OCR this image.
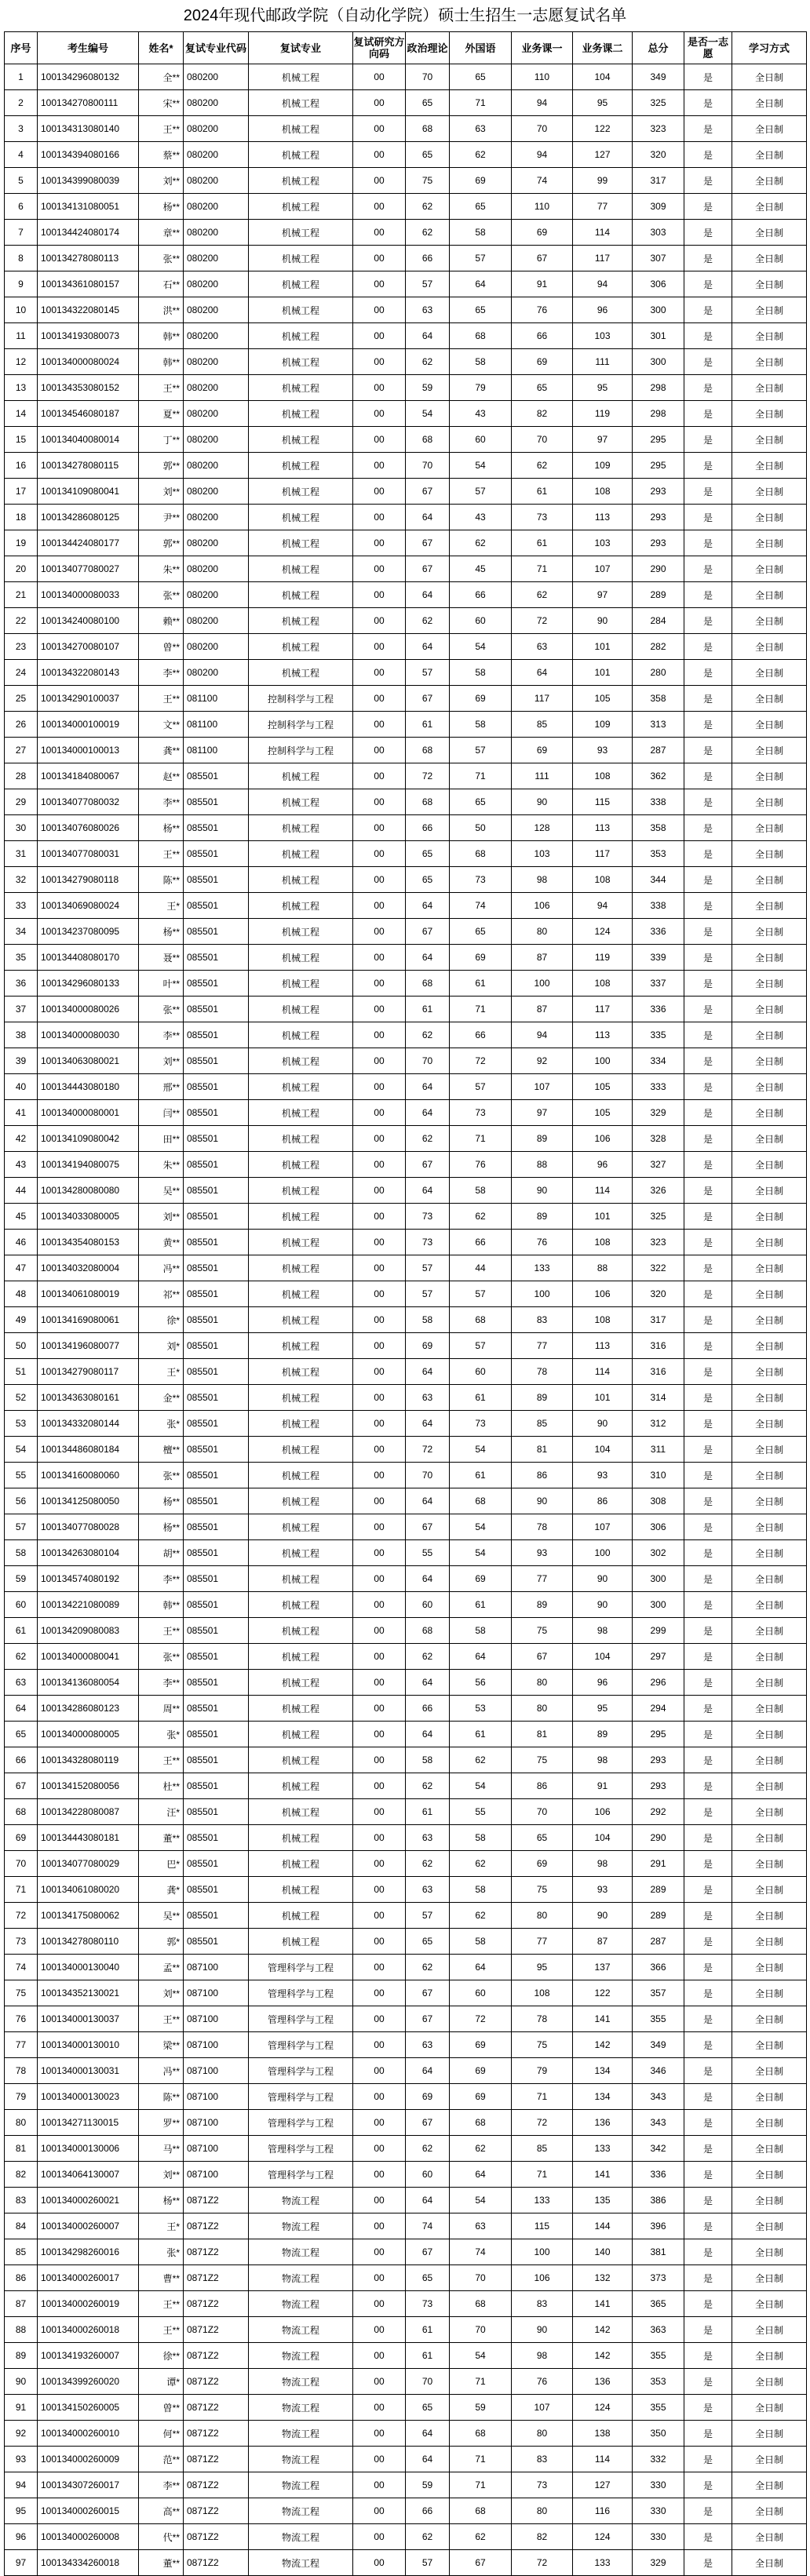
2024年现代邮政学院（自动化学院）硕士生招生一志愿复试名单
序号	考生编号	姓名*	复试专业代码	复试专业	复试研究方向码	政治理论	外国语	业务课一	业务课二	总分	是否一志愿	学习方式
1	100134296080132	全**	080200	机械工程	00	70	65	110	104	349	是	全日制
2	100134270800111	宋**	080200	机械工程	00	65	71	94	95	325	是	全日制
3	100134313080140	王**	080200	机械工程	00	68	63	70	122	323	是	全日制
4	100134394080166	蔡**	080200	机械工程	00	65	62	94	127	320	是	全日制
5	100134399080039	刘**	080200	机械工程	00	75	69	74	99	317	是	全日制
6	100134131080051	杨**	080200	机械工程	00	62	65	110	77	309	是	全日制
7	100134424080174	章**	080200	机械工程	00	62	58	69	114	303	是	全日制
8	100134278080113	张**	080200	机械工程	00	66	57	67	117	307	是	全日制
9	100134361080157	石**	080200	机械工程	00	57	64	91	94	306	是	全日制
10	100134322080145	洪**	080200	机械工程	00	63	65	76	96	300	是	全日制
11	100134193080073	韩**	080200	机械工程	00	64	68	66	103	301	是	全日制
12	100134000080024	韩**	080200	机械工程	00	62	58	69	111	300	是	全日制
13	100134353080152	王**	080200	机械工程	00	59	79	65	95	298	是	全日制
14	100134546080187	夏**	080200	机械工程	00	54	43	82	119	298	是	全日制
15	100134040080014	丁**	080200	机械工程	00	68	60	70	97	295	是	全日制
16	100134278080115	郭**	080200	机械工程	00	70	54	62	109	295	是	全日制
17	100134109080041	刘**	080200	机械工程	00	67	57	61	108	293	是	全日制
18	100134286080125	尹**	080200	机械工程	00	64	43	73	113	293	是	全日制
19	100134424080177	郭**	080200	机械工程	00	67	62	61	103	293	是	全日制
20	100134077080027	朱**	080200	机械工程	00	67	45	71	107	290	是	全日制
21	100134000080033	张**	080200	机械工程	00	64	66	62	97	289	是	全日制
22	100134240080100	赖**	080200	机械工程	00	62	60	72	90	284	是	全日制
23	100134270080107	曾**	080200	机械工程	00	64	54	63	101	282	是	全日制
24	100134322080143	李**	080200	机械工程	00	57	58	64	101	280	是	全日制
25	100134290100037	王**	081100	控制科学与工程	00	67	69	117	105	358	是	全日制
26	100134000100019	文**	081100	控制科学与工程	00	61	58	85	109	313	是	全日制
27	100134000100013	龚**	081100	控制科学与工程	00	68	57	69	93	287	是	全日制
28	100134184080067	赵**	085501	机械工程	00	72	71	111	108	362	是	全日制
29	100134077080032	李**	085501	机械工程	00	68	65	90	115	338	是	全日制
30	100134076080026	杨**	085501	机械工程	00	66	50	128	113	358	是	全日制
31	100134077080031	王**	085501	机械工程	00	65	68	103	117	353	是	全日制
32	100134279080118	陈**	085501	机械工程	00	65	73	98	108	344	是	全日制
33	100134069080024	王*	085501	机械工程	00	64	74	106	94	338	是	全日制
34	100134237080095	杨**	085501	机械工程	00	67	65	80	124	336	是	全日制
35	100134408080170	聂**	085501	机械工程	00	64	69	87	119	339	是	全日制
36	100134296080133	叶**	085501	机械工程	00	68	61	100	108	337	是	全日制
37	100134000080026	张**	085501	机械工程	00	61	71	87	117	336	是	全日制
38	100134000080030	李**	085501	机械工程	00	62	66	94	113	335	是	全日制
39	100134063080021	刘**	085501	机械工程	00	70	72	92	100	334	是	全日制
40	100134443080180	邢**	085501	机械工程	00	64	57	107	105	333	是	全日制
41	100134000080001	闫**	085501	机械工程	00	64	73	97	105	329	是	全日制
42	100134109080042	田**	085501	机械工程	00	62	71	89	106	328	是	全日制
43	100134194080075	朱**	085501	机械工程	00	67	76	88	96	327	是	全日制
44	100134280080080	吴**	085501	机械工程	00	64	58	90	114	326	是	全日制
45	100134033080005	刘**	085501	机械工程	00	73	62	89	101	325	是	全日制
46	100134354080153	黄**	085501	机械工程	00	73	66	76	108	323	是	全日制
47	100134032080004	冯**	085501	机械工程	00	57	44	133	88	322	是	全日制
48	100134061080019	祁**	085501	机械工程	00	57	57	100	106	320	是	全日制
49	100134169080061	徐*	085501	机械工程	00	58	68	83	108	317	是	全日制
50	100134196080077	刘*	085501	机械工程	00	69	57	77	113	316	是	全日制
51	100134279080117	王*	085501	机械工程	00	64	60	78	114	316	是	全日制
52	100134363080161	金**	085501	机械工程	00	63	61	89	101	314	是	全日制
53	100134332080144	张*	085501	机械工程	00	64	73	85	90	312	是	全日制
54	100134486080184	檀**	085501	机械工程	00	72	54	81	104	311	是	全日制
55	100134160080060	张**	085501	机械工程	00	70	61	86	93	310	是	全日制
56	100134125080050	杨**	085501	机械工程	00	64	68	90	86	308	是	全日制
57	100134077080028	杨**	085501	机械工程	00	67	54	78	107	306	是	全日制
58	100134263080104	胡**	085501	机械工程	00	55	54	93	100	302	是	全日制
59	100134574080192	李**	085501	机械工程	00	64	69	77	90	300	是	全日制
60	100134221080089	韩**	085501	机械工程	00	60	61	89	90	300	是	全日制
61	100134209080083	王**	085501	机械工程	00	68	58	75	98	299	是	全日制
62	100134000080041	张**	085501	机械工程	00	62	64	67	104	297	是	全日制
63	100134136080054	李**	085501	机械工程	00	64	56	80	96	296	是	全日制
64	100134286080123	周**	085501	机械工程	00	66	53	80	95	294	是	全日制
65	100134000080005	张*	085501	机械工程	00	64	61	81	89	295	是	全日制
66	100134328080119	王**	085501	机械工程	00	58	62	75	98	293	是	全日制
67	100134152080056	杜**	085501	机械工程	00	62	54	86	91	293	是	全日制
68	100134228080087	汪*	085501	机械工程	00	61	55	70	106	292	是	全日制
69	100134443080181	董**	085501	机械工程	00	63	58	65	104	290	是	全日制
70	100134077080029	巴*	085501	机械工程	00	62	62	69	98	291	是	全日制
71	100134061080020	龚*	085501	机械工程	00	63	58	75	93	289	是	全日制
72	100134175080062	吴**	085501	机械工程	00	57	62	80	90	289	是	全日制
73	100134278080110	郭*	085501	机械工程	00	65	58	77	87	287	是	全日制
74	100134000130040	孟**	087100	管理科学与工程	00	62	64	95	137	366	是	全日制
75	100134352130021	刘**	087100	管理科学与工程	00	67	60	108	122	357	是	全日制
76	100134000130037	王**	087100	管理科学与工程	00	67	72	78	141	355	是	全日制
77	100134000130010	梁**	087100	管理科学与工程	00	63	69	75	142	349	是	全日制
78	100134000130031	冯**	087100	管理科学与工程	00	64	69	79	134	346	是	全日制
79	100134000130023	陈**	087100	管理科学与工程	00	69	69	71	134	343	是	全日制
80	100134271130015	罗**	087100	管理科学与工程	00	67	68	72	136	343	是	全日制
81	100134000130006	马**	087100	管理科学与工程	00	62	62	85	133	342	是	全日制
82	100134064130007	刘**	087100	管理科学与工程	00	60	64	71	141	336	是	全日制
83	100134000260021	杨**	0871Z2	物流工程	00	64	54	133	135	386	是	全日制
84	100134000260007	王*	0871Z2	物流工程	00	74	63	115	144	396	是	全日制
85	100134298260016	张*	0871Z2	物流工程	00	67	74	100	140	381	是	全日制
86	100134000260017	曹**	0871Z2	物流工程	00	65	70	106	132	373	是	全日制
87	100134000260019	王**	0871Z2	物流工程	00	73	68	83	141	365	是	全日制
88	100134000260018	王**	0871Z2	物流工程	00	61	70	90	142	363	是	全日制
89	100134193260007	徐**	0871Z2	物流工程	00	61	54	98	142	355	是	全日制
90	100134399260020	谭*	0871Z2	物流工程	00	70	71	76	136	353	是	全日制
91	100134150260005	曾**	0871Z2	物流工程	00	65	59	107	124	355	是	全日制
92	100134000260010	何**	0871Z2	物流工程	00	64	68	80	138	350	是	全日制
93	100134000260009	范**	0871Z2	物流工程	00	64	71	83	114	332	是	全日制
94	100134307260017	李**	0871Z2	物流工程	00	59	71	73	127	330	是	全日制
95	100134000260015	高**	0871Z2	物流工程	00	66	68	80	116	330	是	全日制
96	100134000260008	代**	0871Z2	物流工程	00	62	62	82	124	330	是	全日制
97	100134334260018	董**	0871Z2	物流工程	00	57	67	72	133	329	是	全日制
